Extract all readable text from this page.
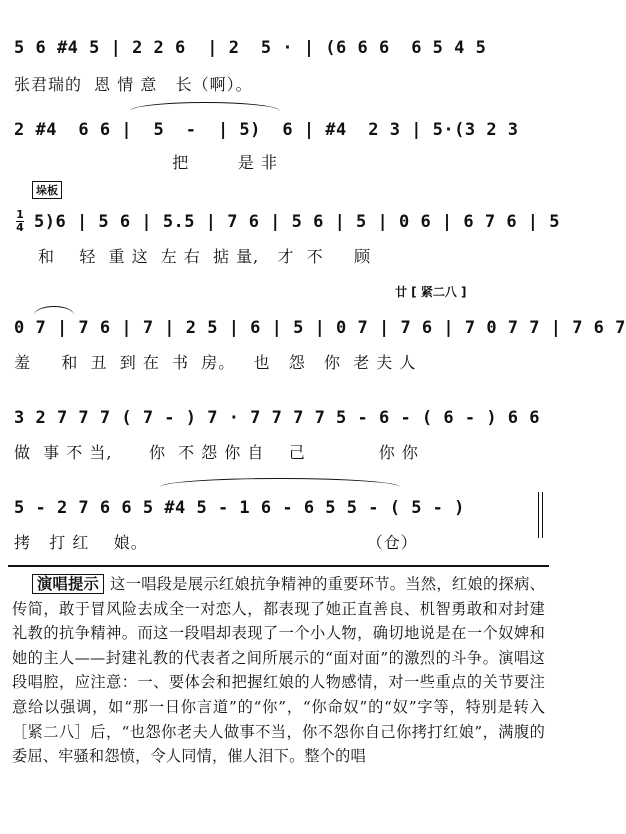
5 6 #4 5 | 2 2 6  | 2  5 · | (6 6 6  6 5 4 5
张君瑞的  恩 情 意   长（啊）。
2 #4  6 6 |  5  -  | 5)  6 | #4  2 3 | 5·(3 2 3
把        是 非
垛板
1
4 5)6 | 5 6 | 5.5 | 7 6 | 5 6 | 5 | 0 6 | 6 7 6 | 5
和    轻  重 这  左 右  掂 量,   才  不     顾
廿 [ 紧二八 ]
0 7 | 7 6 | 7 | 2 5 | 6 | 5 | 0 7 | 7 6 | 7 0 7 7 | 7 6 7
羞     和  丑  到 在  书  房。   也   怨   你  老 夫 人
3 2 7 7 7 ( 7 - ) 7 · 7 7 7 7 5 - 6 - ( 6 - ) 6 6
做  事 不 当,      你  不 怨 你 自    己            你 你
5 - 2 7 6 6 5 #4 5 - 1 6 - 6 5 5 - ( 5 - )
拷   打 红    娘。                                    （仓）
演唱提示 这一唱段是展示红娘抗争精神的重要环节。当然，红娘的探病、传简，敢于冒风险去成全一对恋人，都表现了她正直善良、机智勇敢和对封建礼教的抗争精神。而这一段唱却表现了一个小人物，确切地说是在一个奴婢和她的主人——封建礼教的代表者之间所展示的“面对面”的激烈的斗争。演唱这段唱腔，应注意：一、要体会和把握红娘的人物感情，对一些重点的关节要注意给以强调，如“那一日你言道”的“你”，“你命奴”的“奴”字等，特别是转入［紧二八］后，“也怨你老夫人做事不当，你不怨你自己你拷打红娘”，满腹的委屈、牢骚和怨愤，令人同情，催人泪下。整个的唱
